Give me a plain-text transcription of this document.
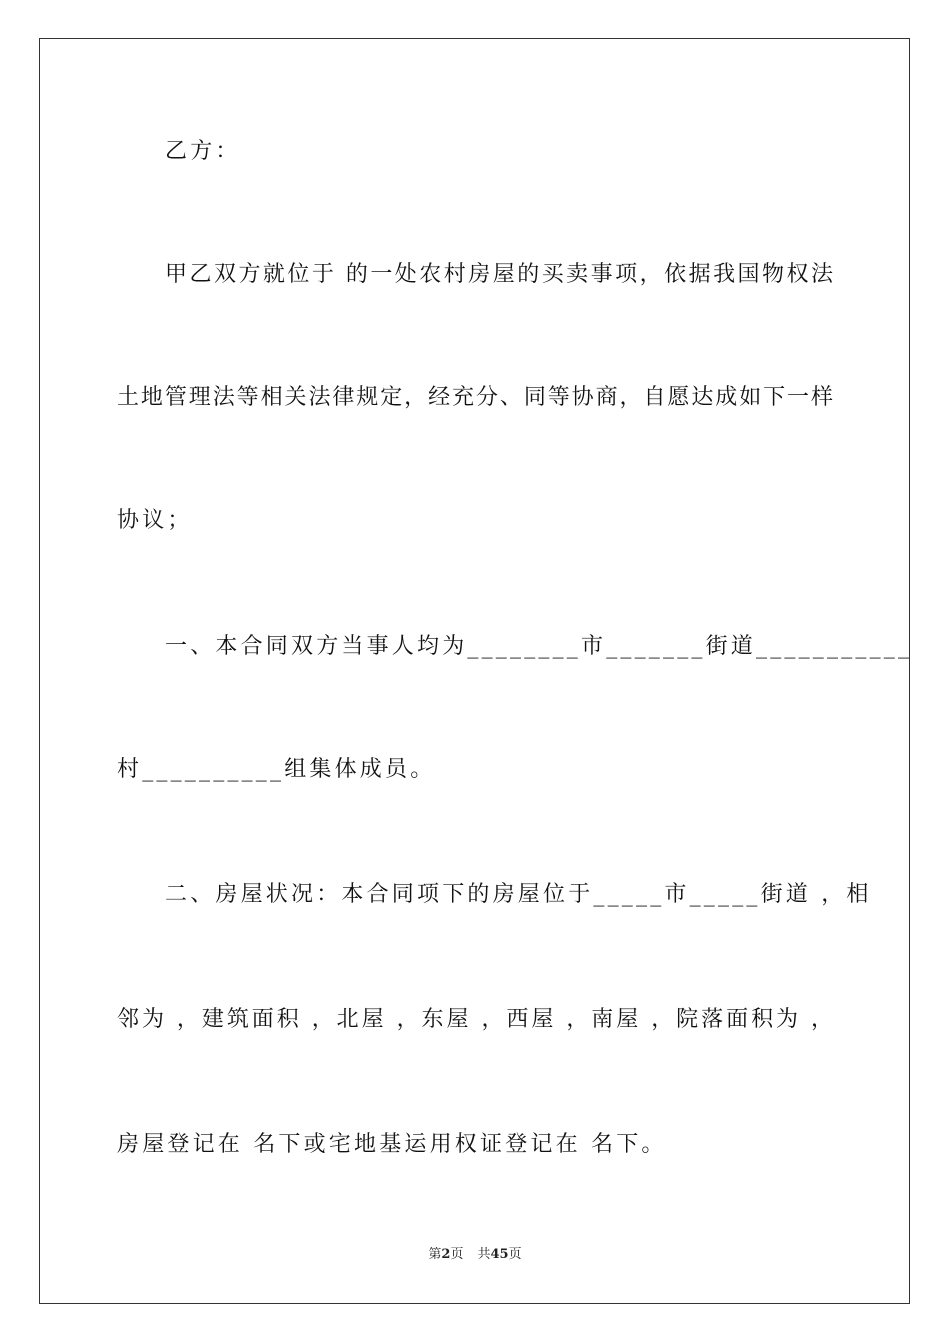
乙方：
甲乙双方就位于 的一处农村房屋的买卖事项，依据我国物权法
土地管理法等相关法律规定，经充分、同等协商，自愿达成如下一样
协议；
一、本合同双方当事人均为________市_______街道___________
村__________组集体成员。
二、房屋状况：本合同项下的房屋位于_____市_____街道 ，相
邻为 ，建筑面积 ，北屋 ，东屋 ，西屋 ，南屋 ，院落面积为 ，
房屋登记在 名下或宅地基运用权证登记在 名下。
第2页 共45页
